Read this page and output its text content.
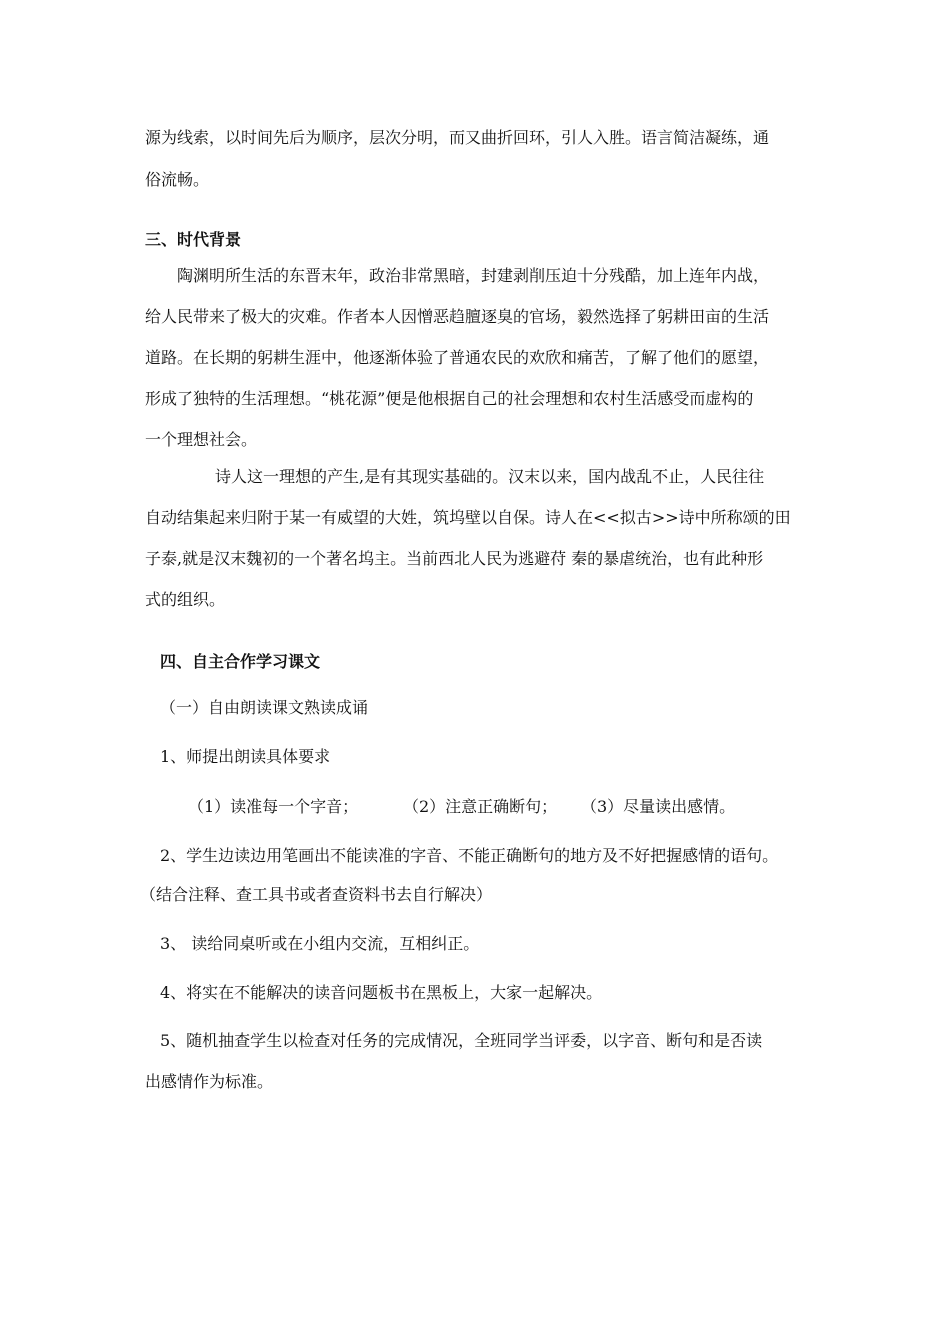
源为线索，以时间先后为顺序，层次分明，而又曲折回环，引人入胜。语言简洁凝练，通
俗流畅。
三、时代背景
陶渊明所生活的东晋末年，政治非常黑暗，封建剥削压迫十分残酷，加上连年内战，
给人民带来了极大的灾难。作者本人因憎恶趋膻逐臭的官场，毅然选择了躬耕田亩的生活
道路。在长期的躬耕生涯中，他逐渐体验了普通农民的欢欣和痛苦，了解了他们的愿望，
形成了独特的生活理想。“桃花源”便是他根据自己的社会理想和农村生活感受而虚构的
一个理想社会。
诗人这一理想的产生,是有其现实基础的。汉末以来，国内战乱不止，人民往往
自动结集起来归附于某一有威望的大姓，筑坞壁以自保。诗人在<<拟古>>诗中所称颂的田
子泰,就是汉末魏初的一个著名坞主。当前西北人民为逃避苻 秦的暴虐统治，也有此种形
式的组织。
四、自主合作学习课文
（一）自由朗读课文熟读成诵
1、师提出朗读具体要求
（1）读准每一个字音；	（2）注意正确断句； （3）尽量读出感情。
2、学生边读边用笔画出不能读准的字音、不能正确断句的地方及不好把握感情的语句。
（结合注释、查工具书或者查资料书去自行解决）
3、 读给同桌听或在小组内交流，互相纠正。
4、将实在不能解决的读音问题板书在黑板上，大家一起解决。
5、随机抽查学生以检查对任务的完成情况，全班同学当评委，以字音、断句和是否读
出感情作为标准。
